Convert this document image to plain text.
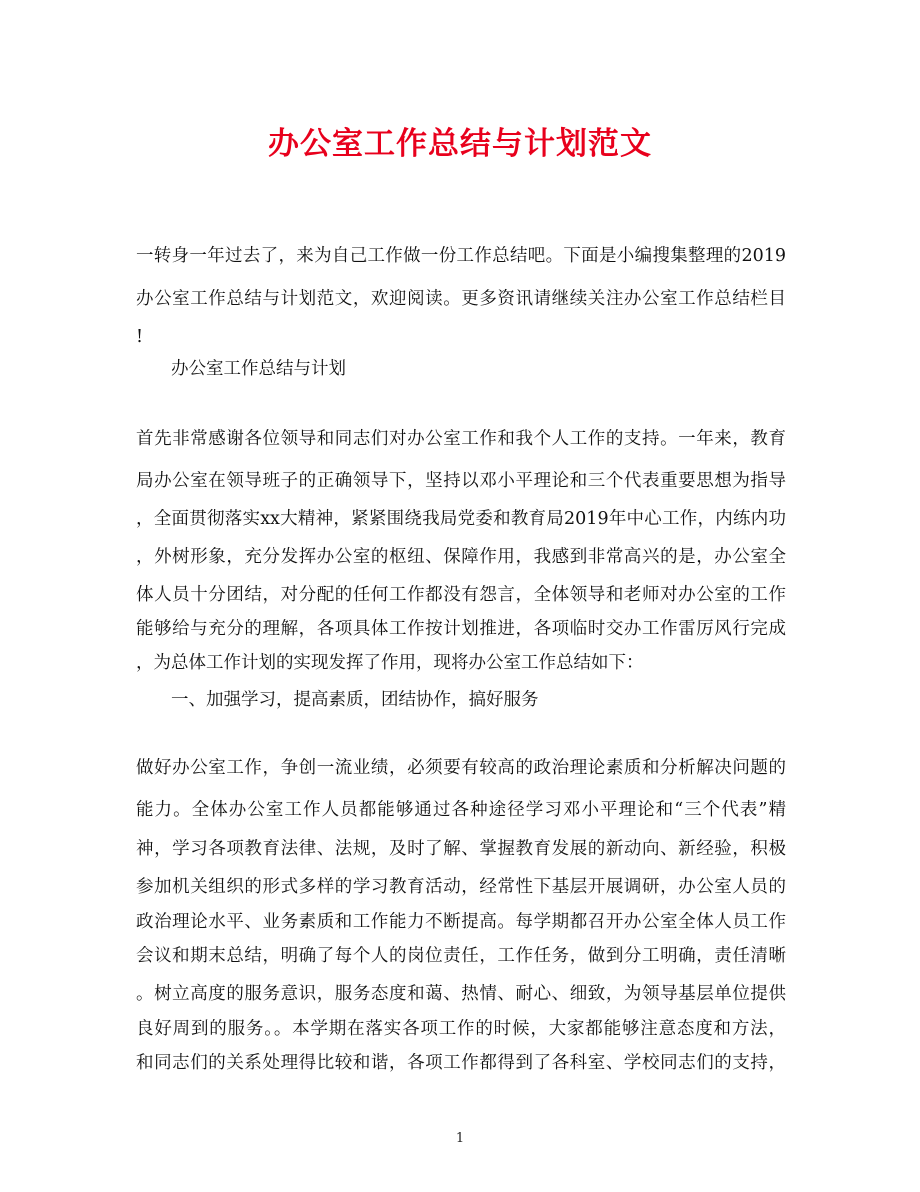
办公室工作总结与计划范文
一转身一年过去了，来为自己工作做一份工作总结吧。下面是小编搜集整理的2019
办公室工作总结与计划范文，欢迎阅读。更多资讯请继续关注办公室工作总结栏目
!
办公室工作总结与计划
首先非常感谢各位领导和同志们对办公室工作和我个人工作的支持。一年来，教育
局办公室在领导班子的正确领导下，坚持以邓小平理论和三个代表重要思想为指导
，全面贯彻落实xx大精神，紧紧围绕我局党委和教育局2019年中心工作，内练内功
，外树形象，充分发挥办公室的枢纽、保障作用，我感到非常高兴的是，办公室全
体人员十分团结，对分配的任何工作都没有怨言，全体领导和老师对办公室的工作
能够给与充分的理解，各项具体工作按计划推进，各项临时交办工作雷厉风行完成
，为总体工作计划的实现发挥了作用，现将办公室工作总结如下：
一、加强学习，提高素质，团结协作，搞好服务
做好办公室工作，争创一流业绩，必须要有较高的政治理论素质和分析解决问题的
能力。全体办公室工作人员都能够通过各种途径学习邓小平理论和“三个代表”精
神，学习各项教育法律、法规，及时了解、掌握教育发展的新动向、新经验，积极
参加机关组织的形式多样的学习教育活动，经常性下基层开展调研，办公室人员的
政治理论水平、业务素质和工作能力不断提高。每学期都召开办公室全体人员工作
会议和期末总结，明确了每个人的岗位责任，工作任务，做到分工明确，责任清晰
。树立高度的服务意识，服务态度和蔼、热情、耐心、细致，为领导基层单位提供
良好周到的服务。。本学期在落实各项工作的时候，大家都能够注意态度和方法，
和同志们的关系处理得比较和谐，各项工作都得到了各科室、学校同志们的支持，
1
